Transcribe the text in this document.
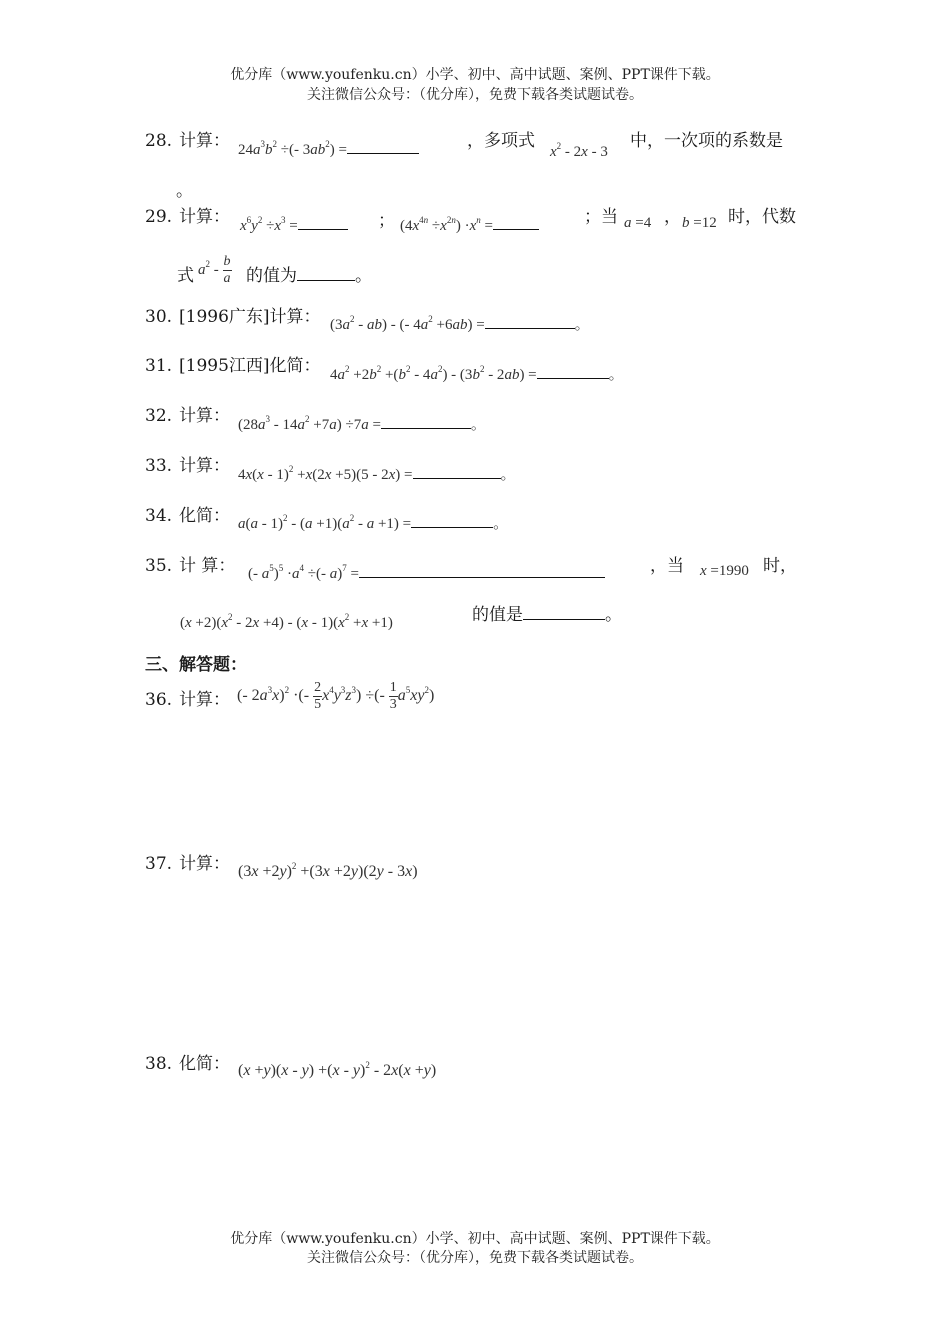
优分库（www.youfenku.cn）小学、初中、高中试题、案例、PPT课件下载。
关注微信公众号：（优分库），免费下载各类试题试卷。
28. 计算： $24a^3b^2$ ÷(- $3ab^2$) =	，多项式
$x^2 - 2x - 3$
中，一次项的系数是
。
29. 计算： $x^6y^2 \div x^3$ =	； $(4x^{4n} \div x^{2n}) \cdot x^n$ =	；当 a =4 ， b =12 时，代数
式 $a^2 - \frac{b}{a}$ 的值为	。
30. [1996广东]计算： $(3a^2 - ab)$ - (- $4a^2 +6ab$) =	。
31. [1995江西]化简： $4a^2 +2b^2 +(b^2 - 4a^2) - (3b^2 - 2ab)$ =	。
32. 计算： $(28a^3 - 14a^2 +7a) \div 7a$ =	。
33. 计算： 4x(x - 1)$^2$ +x(2x +5)(5 - 2x) =	。
34. 化简： $a(a - 1)^2 - (a +1)(a^2 - a +1)$ =	。
35. 计 算： (- $a^5)^5 \cdot a^4$ ÷(- a)$^7$ =	，当 x =1990 时，
$(x +2)(x^2 - 2x +4) - (x - 1)(x^2 +x +1)$	的值是	。
三、解答题：
36. 计算： (- $2a^3x)^2$ ·(- $\frac{2}{5} x^4y^3z^3$) ÷(- $\frac{1}{3} a^5xy^2$)
37. 计算： $(3x +2y)^2 +(3x +2y)(2y - 3x)$
38. 化简： (x +y)(x - y) +(x - y)$^2$ - 2x(x +y)
优分库（www.youfenku.cn）小学、初中、高中试题、案例、PPT课件下载。
关注微信公众号：（优分库），免费下载各类试题试卷。
